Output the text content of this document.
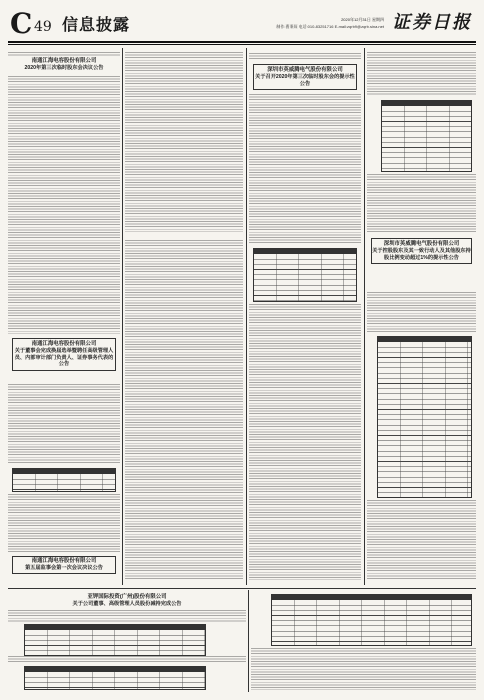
C 49 信息披露	2020年12月31日 星期四
制作:曹秉琛 电话:010-83251716 E-mail:zqrb9@zqrb.sina.net 证券日报
南通江海电容股份有限公司
2020年第三次临时股东会决议公告
南通江海电容股份有限公司
关于董事会完成换届选举暨聘任高级管理人员、内部审计部门负责人、证券事务代表的公告
南通江海电容股份有限公司
第五届监事会第一次会议决议公告
深圳市英威腾电气股份有限公司
关于召开2020年第三次临时股东会的提示性公告
深圳市英威腾电气股份有限公司
关于控股股东及其一致行动人及其他股东持股比例变动超过1%的提示性公告
亚钾国际投资(广州)股份有限公司
关于公司董事、高级管理人员股份减持完成公告
